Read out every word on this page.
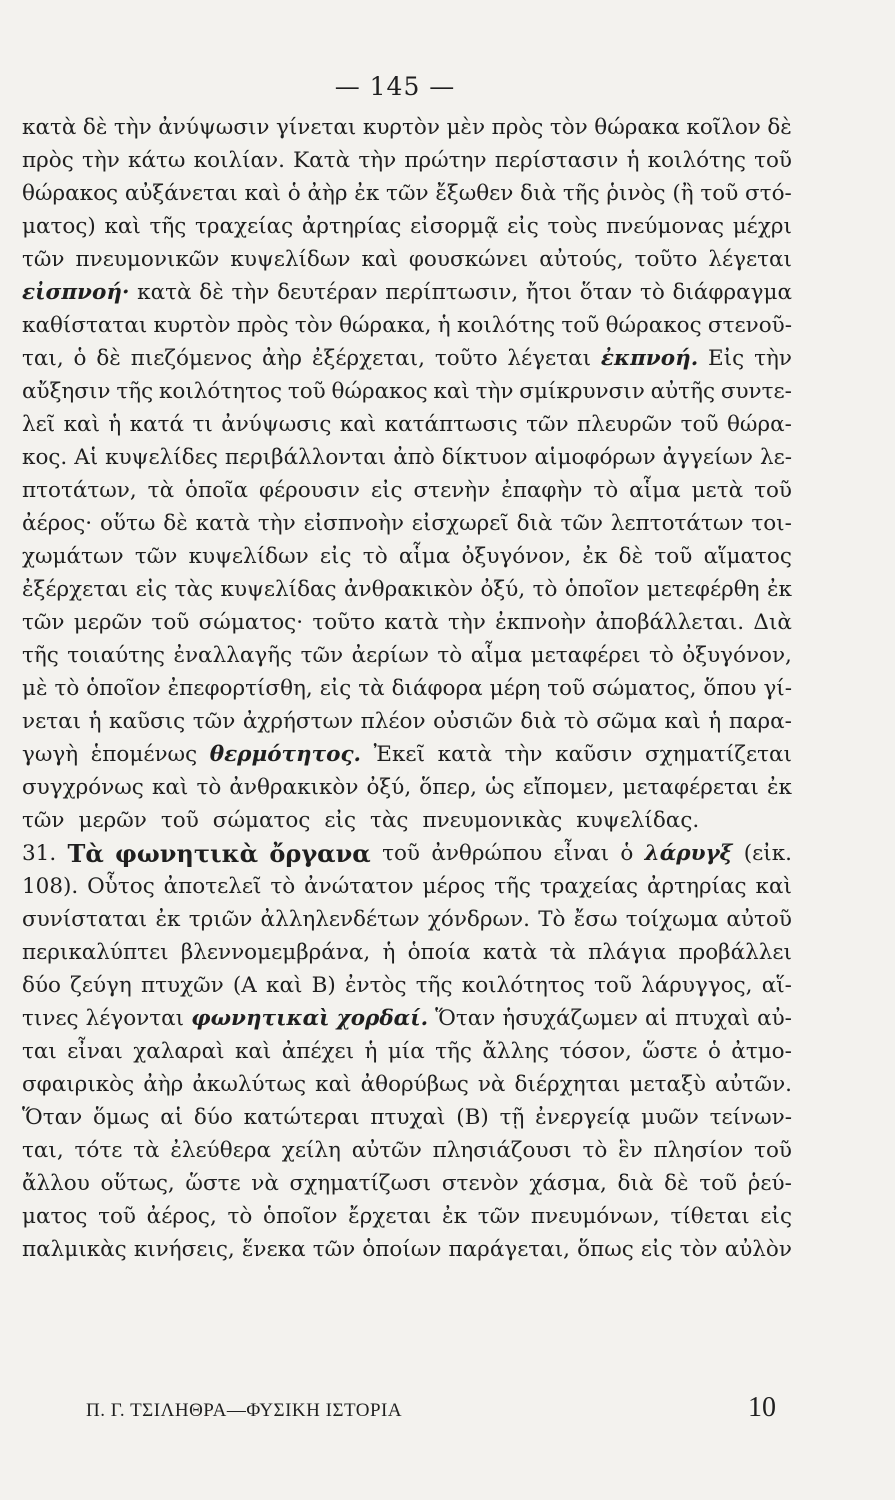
— 145 —
κατὰ δὲ τὴν ἀνύψωσιν γίνεται κυρτὸν μὲν πρὸς τὸν θώρακα κοῖλον δὲ
πρὸς τὴν κάτω κοιλίαν. Κατὰ τὴν πρώτην περίστασιν ἡ κοιλότης τοῦ
θώρακος αὐξάνεται καὶ ὁ ἀὴρ ἐκ τῶν ἔξωθεν διὰ τῆς ῥινὸς (ἢ τοῦ στό-
ματος) καὶ τῆς τραχείας ἀρτηρίας εἰσορμᾷ εἰς τοὺς πνεύμονας μέχρι
τῶν πνευμονικῶν κυψελίδων καὶ φουσκώνει αὐτούς, τοῦτο λέγεται
εἰσπνοή· κατὰ δὲ τὴν δευτέραν περίπτωσιν, ἤτοι ὅταν τὸ διάφραγμα
καθίσταται κυρτὸν πρὸς τὸν θώρακα, ἡ κοιλότης τοῦ θώρακος στενοῦ-
ται, ὁ δὲ πιεζόμενος ἀὴρ ἐξέρχεται, τοῦτο λέγεται ἐκπνοή. Εἰς τὴν
αὔξησιν τῆς κοιλότητος τοῦ θώρακος καὶ τὴν σμίκρυνσιν αὐτῆς συντε-
λεῖ καὶ ἡ κατά τι ἀνύψωσις καὶ κατάπτωσις τῶν πλευρῶν τοῦ θώρα-
κος. Αἱ κυψελίδες περιβάλλονται ἀπὸ δίκτυον αἱμοφόρων ἀγγείων λε-
πτοτάτων, τὰ ὁποῖα φέρουσιν εἰς στενὴν ἐπαφὴν τὸ αἷμα μετὰ τοῦ
ἀέρος· οὕτω δὲ κατὰ τὴν εἰσπνοὴν εἰσχωρεῖ διὰ τῶν λεπτοτάτων τοι-
χωμάτων τῶν κυψελίδων εἰς τὸ αἷμα ὀξυγόνον, ἐκ δὲ τοῦ αἵματος
ἐξέρχεται εἰς τὰς κυψελίδας ἀνθρακικὸν ὀξύ, τὸ ὁποῖον μετεφέρθη ἐκ
τῶν μερῶν τοῦ σώματος· τοῦτο κατὰ τὴν ἐκπνοὴν ἀποβάλλεται. Διὰ
τῆς τοιαύτης ἐναλλαγῆς τῶν ἀερίων τὸ αἷμα μεταφέρει τὸ ὀξυγόνον,
μὲ τὸ ὁποῖον ἐπεφορτίσθη, εἰς τὰ διάφορα μέρη τοῦ σώματος, ὅπου γί-
νεται ἡ καῦσις τῶν ἀχρήστων πλέον οὐσιῶν διὰ τὸ σῶμα καὶ ἡ παρα-
γωγὴ ἑπομένως θερμότητος. Ἐκεῖ κατὰ τὴν καῦσιν σχηματίζεται
συγχρόνως καὶ τὸ ἀνθρακικὸν ὀξύ, ὅπερ, ὡς εἴπομεν, μεταφέρεται ἐκ
τῶν μερῶν τοῦ σώματος εἰς τὰς πνευμονικὰς κυψελίδας.
31. Τὰ φωνητικὰ ὄργανα τοῦ ἀνθρώπου εἶναι ὁ λάρυγξ (εἰκ.
108). Οὗτος ἀποτελεῖ τὸ ἀνώτατον μέρος τῆς τραχείας ἀρτηρίας καὶ
συνίσταται ἐκ τριῶν ἀλληλενδέτων χόνδρων. Τὸ ἔσω τοίχωμα αὐτοῦ
περικαλύπτει βλεννομεμβράνα, ἡ ὁποία κατὰ τὰ πλάγια προβάλλει
δύο ζεύγη πτυχῶν (Α καὶ Β) ἐντὸς τῆς κοιλότητος τοῦ λάρυγγος, αἵ-
τινες λέγονται φωνητικαὶ χορδαί. Ὅταν ἡσυχάζωμεν αἱ πτυχαὶ αὐ-
ται εἶναι χαλαραὶ καὶ ἀπέχει ἡ μία τῆς ἄλλης τόσον, ὥστε ὁ ἀτμο-
σφαιρικὸς ἀὴρ ἀκωλύτως καὶ ἀθορύβως νὰ διέρχηται μεταξὺ αὐτῶν.
Ὅταν ὅμως αἱ δύο κατώτεραι πτυχαὶ (Β) τῇ ἐνεργείᾳ μυῶν τείνων-
ται, τότε τὰ ἐλεύθερα χείλη αὐτῶν πλησιάζουσι τὸ ἓν πλησίον τοῦ
ἄλλου οὕτως, ὥστε νὰ σχηματίζωσι στενὸν χάσμα, διὰ δὲ τοῦ ῥεύ-
ματος τοῦ ἀέρος, τὸ ὁποῖον ἔρχεται ἐκ τῶν πνευμόνων, τίθεται εἰς
παλμικὰς κινήσεις, ἕνεκα τῶν ὁποίων παράγεται, ὅπως εἰς τὸν αὐλὸν
Π. Γ. ΤΣΙΛΗΘΡΑ—ΦΥΣΙΚΗ ΙΣΤΟΡΙΑ	10
